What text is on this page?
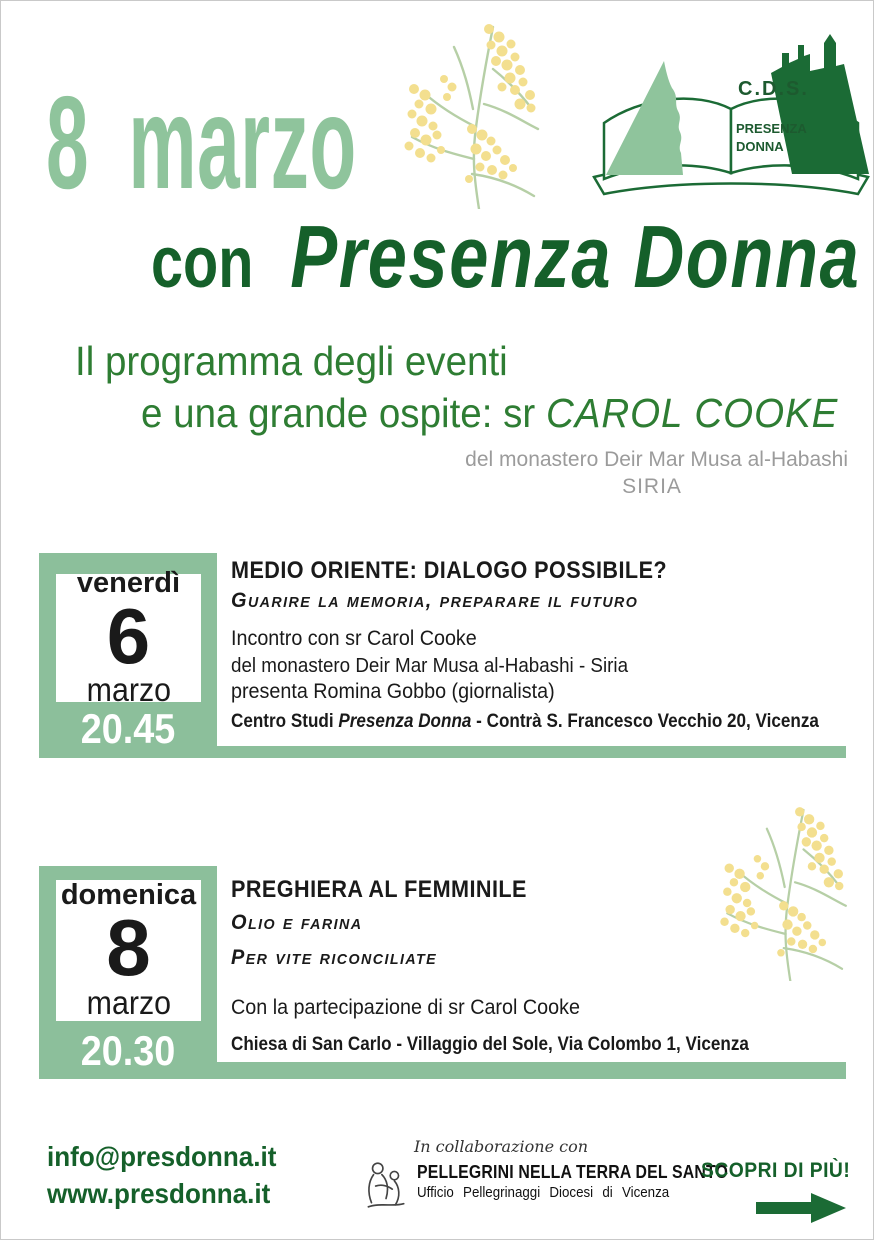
8 marzo	C.D.S.
PRESENZA
DONNA
con Presenza Donna
Il programma degli eventi
e una grande ospite: sr CAROL COOKE
del monastero Deir Mar Musa al-Habashi
SIRIA
venerdì
6
marzo
20.45
MEDIO ORIENTE: DIALOGO POSSIBILE?
Guarire la memoria, preparare il futuro
Incontro con sr Carol Cooke
del monastero Deir Mar Musa al-Habashi - Siria
presenta Romina Gobbo (giornalista)
Centro Studi Presenza Donna - Contrà S. Francesco Vecchio 20, Vicenza
domenica
8
marzo
20.30
PREGHIERA AL FEMMINILE
Olio e farina
Per vite riconciliate
Con la partecipazione di sr Carol Cooke
Chiesa di San Carlo - Villaggio del Sole, Via Colombo 1, Vicenza
info@presdonna.it
www.presdonna.it
In collaborazione con
PELLEGRINI NELLA TERRA DEL SANTO
Ufficio Pellegrinaggi Diocesi di Vicenza
SCOPRI DI PIÙ!
